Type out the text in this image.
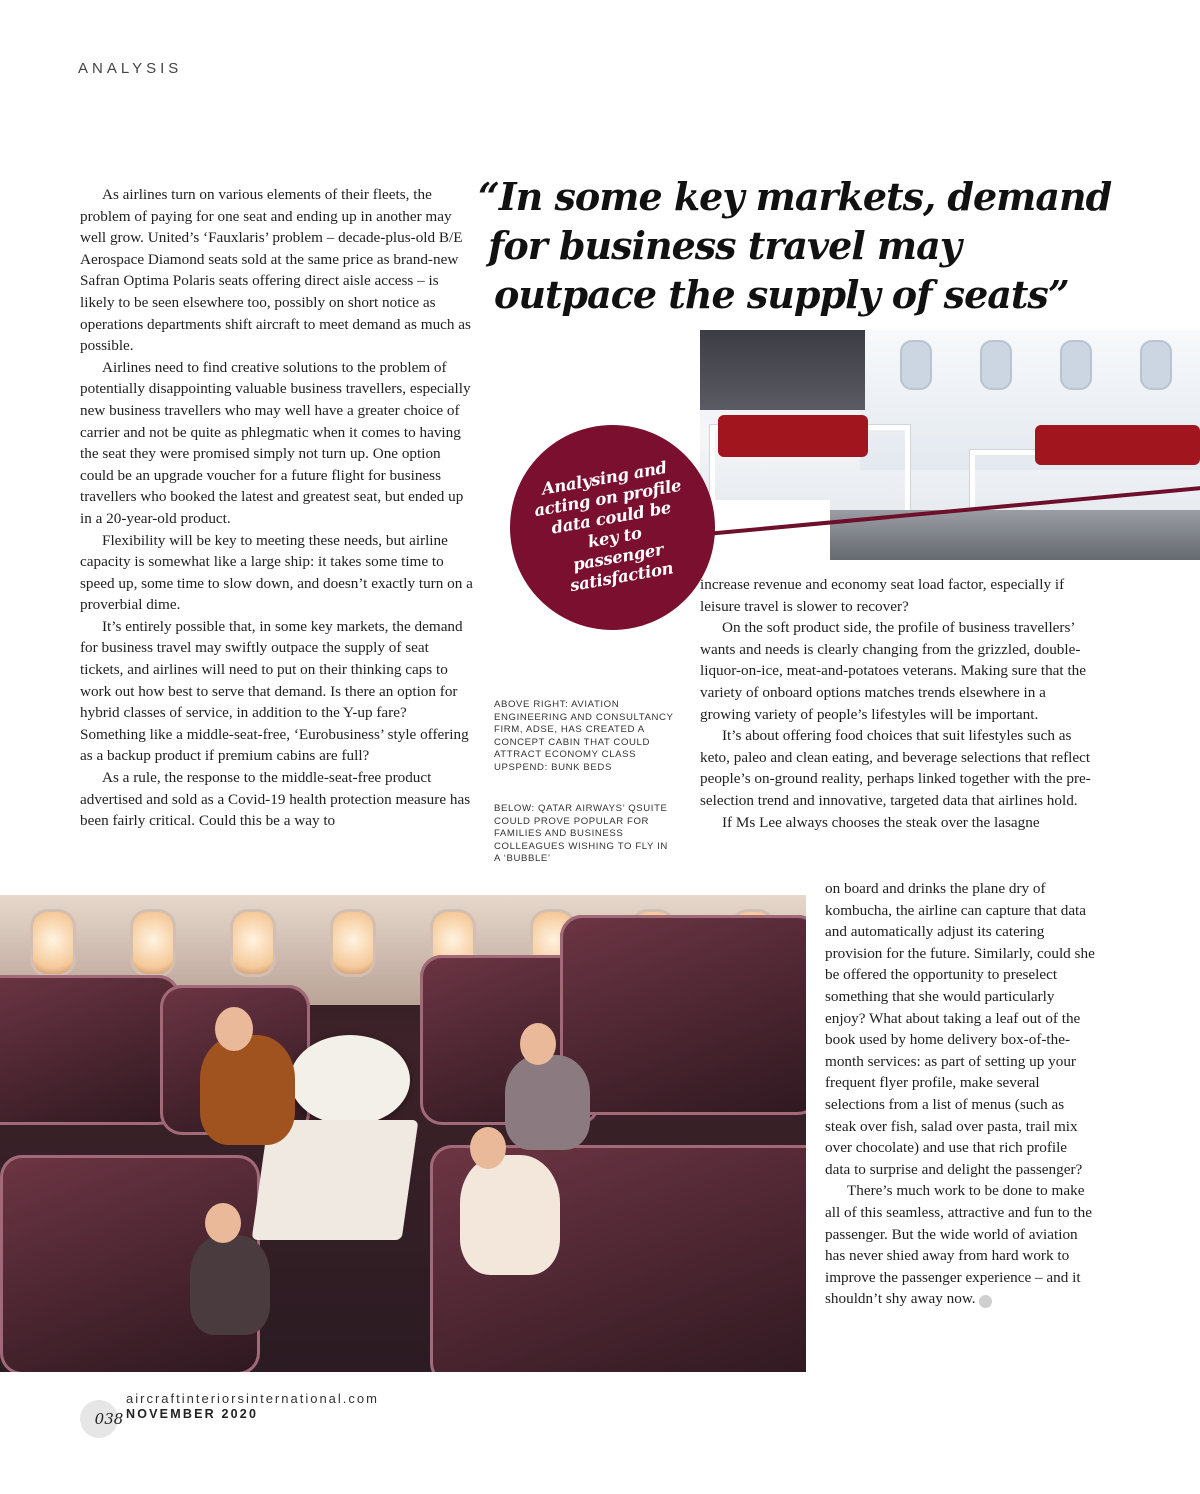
ANALYSIS

As airlines turn on various elements of their fleets, the problem of paying for one seat and ending up in another may well grow. United’s ‘Fauxlaris’ problem – decade-plus-old B/E Aerospace Diamond seats sold at the same price as brand-new Safran Optima Polaris seats offering direct aisle access – is likely to be seen elsewhere too, possibly on short notice as operations departments shift aircraft to meet demand as much as possible.

Airlines need to find creative solutions to the problem of potentially disappointing valuable business travellers, especially new business travellers who may well have a greater choice of carrier and not be quite as phlegmatic when it comes to having the seat they were promised simply not turn up. One option could be an upgrade voucher for a future flight for business travellers who booked the latest and greatest seat, but ended up in a 20-year-old product.

Flexibility will be key to meeting these needs, but airline capacity is somewhat like a large ship: it takes some time to speed up, some time to slow down, and doesn’t exactly turn on a proverbial dime.

It’s entirely possible that, in some key markets, the demand for business travel may swiftly outpace the supply of seat tickets, and airlines will need to put on their thinking caps to work out how best to serve that demand. Is there an option for hybrid classes of service, in addition to the Y-up fare? Something like a middle-seat-free, ‘Eurobusiness’ style offering as a backup product if premium cabins are full?

As a rule, the response to the middle-seat-free product advertised and sold as a Covid-19 health protection measure has been fairly critical. Could this be a way to

“In some key markets, demand
for business travel may
outpace the supply of seats”
Analysing and acting on profile data could be key to passenger satisfaction
ABOVE RIGHT: AVIATION ENGINEERING AND CONSULTANCY FIRM, ADSE, HAS CREATED A CONCEPT CABIN THAT COULD ATTRACT ECONOMY CLASS UPSPEND: BUNK BEDS
BELOW: QATAR AIRWAYS’ QSUITE COULD PROVE POPULAR FOR FAMILIES AND BUSINESS COLLEAGUES WISHING TO FLY IN A ‘BUBBLE’

increase revenue and economy seat load factor, especially if leisure travel is slower to recover?

On the soft product side, the profile of business travellers’ wants and needs is clearly changing from the grizzled, double-liquor-on-ice, meat-and-potatoes veterans. Making sure that the variety of onboard options matches trends elsewhere in a growing variety of people’s lifestyles will be important.

It’s about offering food choices that suit lifestyles such as keto, paleo and clean eating, and beverage selections that reflect people’s on-ground reality, perhaps linked together with the pre-selection trend and innovative, targeted data that airlines hold.

If Ms Lee always chooses the steak over the lasagne

on board and drinks the plane dry of kombucha, the airline can capture that data and automatically adjust its catering provision for the future. Similarly, could she be offered the opportunity to preselect something that she would particularly enjoy? What about taking a leaf out of the book used by home delivery box-of-the-month services: as part of setting up your frequent flyer profile, make several selections from a list of menus (such as steak over fish, salad over pasta, trail mix over chocolate) and use that rich profile data to surprise and delight the passenger?

There’s much work to be done to make all of this seamless, attractive and fun to the passenger. But the wide world of aviation has never shied away from hard work to improve the passenger experience – and it shouldn’t shy away now.	✕

038
aircraftinteriorsinternational.com
NOVEMBER 2020
